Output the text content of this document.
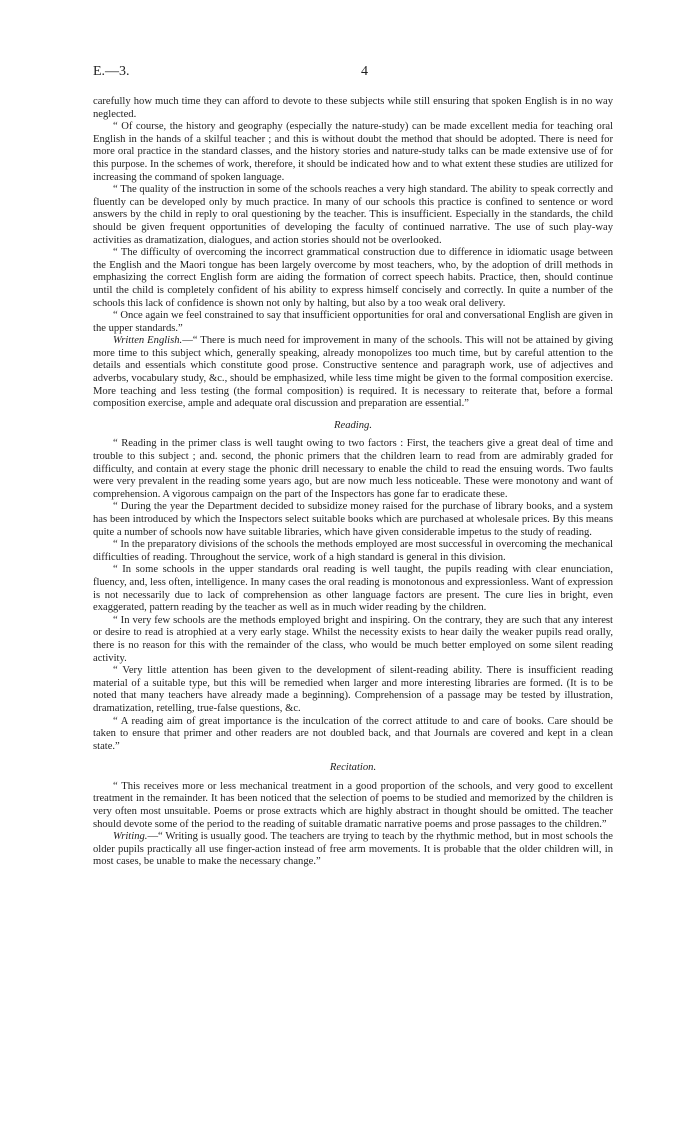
E.—3.	4

carefully how much time they can afford to devote to these subjects while still ensuring that spoken English is in no way neglected.

“ Of course, the history and geography (especially the nature-study) can be made excellent media for teaching oral English in the hands of a skilful teacher ; and this is without doubt the method that should be adopted. There is need for more oral practice in the standard classes, and the history stories and nature-study talks can be made extensive use of for this purpose. In the schemes of work, therefore, it should be indicated how and to what extent these studies are utilized for increasing the command of spoken language.

“ The quality of the instruction in some of the schools reaches a very high standard. The ability to speak correctly and fluently can be developed only by much practice. In many of our schools this practice is confined to sentence or word answers by the child in reply to oral questioning by the teacher. This is insufficient. Especially in the standards, the child should be given frequent opportunities of developing the faculty of continued narrative. The use of such play-way activities as dramatization, dialogues, and action stories should not be overlooked.

“ The difficulty of overcoming the incorrect grammatical construction due to difference in idiomatic usage between the English and the Maori tongue has been largely overcome by most teachers, who, by the adoption of drill methods in emphasizing the correct English form are aiding the formation of correct speech habits. Practice, then, should continue until the child is completely confident of his ability to express himself concisely and correctly. In quite a number of the schools this lack of confidence is shown not only by halting, but also by a too weak oral delivery.

“ Once again we feel constrained to say that insufficient opportunities for oral and conversational English are given in the upper standards.”

Written English.—“ There is much need for improvement in many of the schools. This will not be attained by giving more time to this subject which, generally speaking, already monopolizes too much time, but by careful attention to the details and essentials which constitute good prose. Constructive sentence and paragraph work, use of adjectives and adverbs, vocabulary study, &c., should be emphasized, while less time might be given to the formal composition exercise. More teaching and less testing (the formal composition) is required. It is necessary to reiterate that, before a formal composition exercise, ample and adequate oral discussion and preparation are essential.”

Reading.

“ Reading in the primer class is well taught owing to two factors : First, the teachers give a great deal of time and trouble to this subject ; and. second, the phonic primers that the children learn to read from are admirably graded for difficulty, and contain at every stage the phonic drill necessary to enable the child to read the ensuing words. Two faults were very prevalent in the reading some years ago, but are now much less noticeable. These were monotony and want of comprehension. A vigorous campaign on the part of the Inspectors has gone far to eradicate these.

“ During the year the Department decided to subsidize money raised for the purchase of library books, and a system has been introduced by which the Inspectors select suitable books which are purchased at wholesale prices. By this means quite a number of schools now have suitable libraries, which have given considerable impetus to the study of reading.

“ In the preparatory divisions of the schools the methods employed are most successful in overcoming the mechanical difficulties of reading. Throughout the service, work of a high standard is general in this division.

“ In some schools in the upper standards oral reading is well taught, the pupils reading with clear enunciation, fluency, and, less often, intelligence. In many cases the oral reading is monotonous and expressionless. Want of expression is not necessarily due to lack of comprehension as other language factors are present. The cure lies in bright, even exaggerated, pattern reading by the teacher as well as in much wider reading by the children.

“ In very few schools are the methods employed bright and inspiring. On the contrary, they are such that any interest or desire to read is atrophied at a very early stage. Whilst the necessity exists to hear daily the weaker pupils read orally, there is no reason for this with the remainder of the class, who would be much better employed on some silent reading activity.

“ Very little attention has been given to the development of silent-reading ability. There is insufficient reading material of a suitable type, but this will be remedied when larger and more interesting libraries are formed. (It is to be noted that many teachers have already made a beginning). Comprehension of a passage may be tested by illustration, dramatization, retelling, true-false questions, &c.

“ A reading aim of great importance is the inculcation of the correct attitude to and care of books. Care should be taken to ensure that primer and other readers are not doubled back, and that Journals are covered and kept in a clean state.”

Recitation.

“ This receives more or less mechanical treatment in a good proportion of the schools, and very good to excellent treatment in the remainder. It has been noticed that the selection of poems to be studied and memorized by the children is very often most unsuitable. Poems or prose extracts which are highly abstract in thought should be omitted. The teacher should devote some of the period to the reading of suitable dramatic narrative poems and prose passages to the children.”

Writing.—“ Writing is usually good. The teachers are trying to teach by the rhythmic method, but in most schools the older pupils practically all use finger-action instead of free arm movements. It is probable that the older children will, in most cases, be unable to make the necessary change.”
